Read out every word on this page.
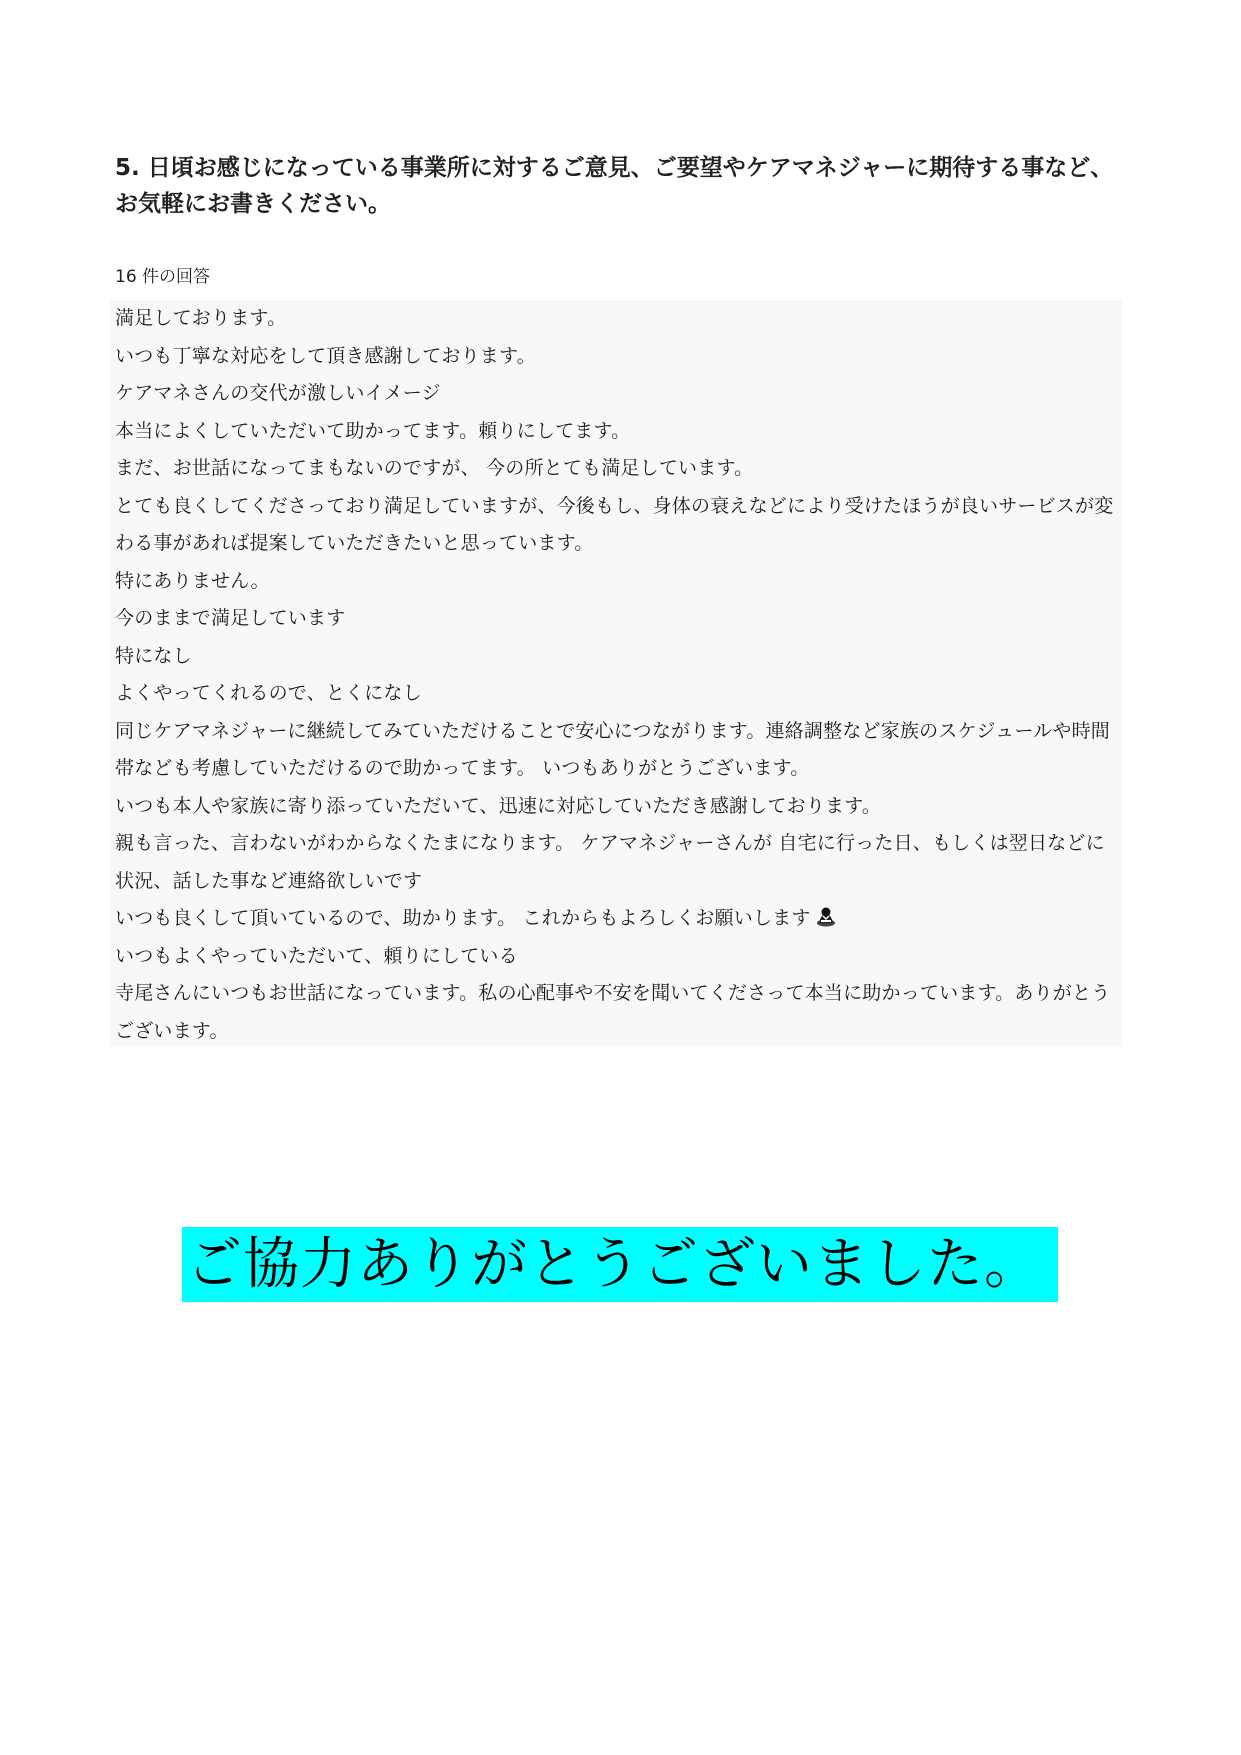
5. 日頃お感じになっている事業所に対するご意見、ご要望やケアマネジャーに期待する事など、お気軽にお書きください。
16 件の回答
満足しております。
いつも丁寧な対応をして頂き感謝しております。
ケアマネさんの交代が激しいイメージ
本当によくしていただいて助かってます。頼りにしてます。
まだ、お世話になってまもないのですが、 今の所とても満足しています。
とても良くしてくださっており満足していますが、今後もし、身体の衰えなどにより受けたほうが良いサービスが変わる事があれば提案していただきたいと思っています。
特にありません。
今のままで満足しています
特になし
よくやってくれるので、とくになし
同じケアマネジャーに継続してみていただけることで安心につながります。連絡調整など家族のスケジュールや時間帯なども考慮していただけるので助かってます。 いつもありがとうございます。
いつも本人や家族に寄り添っていただいて、迅速に対応していただき感謝しております。
親も言った、言わないがわからなくたまになります。 ケアマネジャーさんが 自宅に行った日、もしくは翌日などに状況、話した事など連絡欲しいです
いつも良くして頂いているので、助かります。 これからもよろしくお願いします
いつもよくやっていただいて、頼りにしている
寺尾さんにいつもお世話になっています。私の心配事や不安を聞いてくださって本当に助かっています。ありがとうございます。
ご協力ありがとうございました。
